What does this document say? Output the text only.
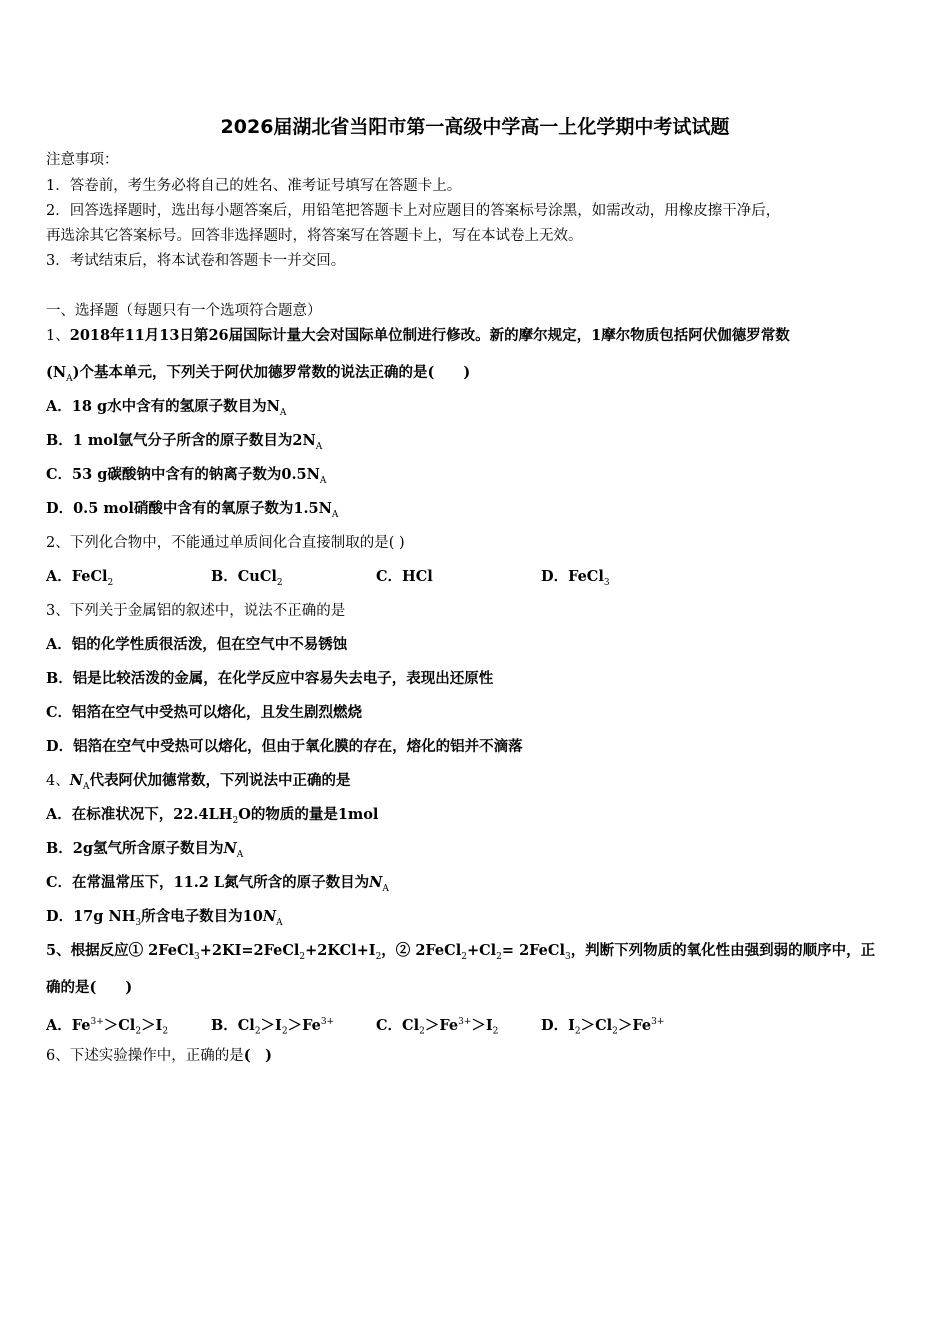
2026届湖北省当阳市第一高级中学高一上化学期中考试试题
注意事项：
1．答卷前，考生务必将自己的姓名、准考证号填写在答题卡上。
2．回答选择题时，选出每小题答案后，用铅笔把答题卡上对应题目的答案标号涂黑，如需改动，用橡皮擦干净后，
再选涂其它答案标号。回答非选择题时，将答案写在答题卡上，写在本试卷上无效。
3．考试结束后，将本试卷和答题卡一并交回。
一、选择题（每题只有一个选项符合题意）
1、2018年11月13日第26届国际计量大会对国际单位制进行修改。新的摩尔规定，1摩尔物质包括阿伏伽德罗常数
$(N_A)$个基本单元，下列关于阿伏加德罗常数的说法正确的是(　　)
A．18 g水中含有的氢原子数目为$N_A$
B．1 mol氩气分子所含的原子数目为$2N_A$
C．53 g碳酸钠中含有的钠离子数为$0.5N_A$
D．0.5 mol硝酸中含有的氧原子数为$1.5N_A$
2、下列化合物中，不能通过单质间化合直接制取的是( )
A．FeCl$_2$	B．CuCl$_2$	C．HCl	D．FeCl$_3$
3、下列关于金属铝的叙述中，说法不正确的是
A．铝的化学性质很活泼，但在空气中不易锈蚀
B．铝是比较活泼的金属，在化学反应中容易失去电子，表现出还原性
C．铝箔在空气中受热可以熔化，且发生剧烈燃烧
D．铝箔在空气中受热可以熔化，但由于氧化膜的存在，熔化的铝并不滴落
4、$N_A$代表阿伏加德常数，下列说法中正确的是
A．在标准状况下，$22.4LH_2O$的物质的量是1mol
B．2g氢气所含原子数目为$N_A$
C．在常温常压下，11.2 L氮气所含的原子数目为$N_A$
D．17g $NH_3$所含电子数目为$10N_A$
5、根据反应① $2FeCl_3+2KI=2FeCl_2+2KCl+I_2$，② $2FeCl_2+Cl_2=$ 2FeCl$_3$，判断下列物质的氧化性由强到弱的顺序中，正
确的是(　　)
A．$Fe^{3+}>Cl_2>I_2$	B．$Cl_2>I_2>Fe^{3+}$	C．$Cl_2>Fe^{3+}>I_2$	D．$I_2>Cl_2>Fe^{3+}$
6、下述实验操作中，正确的是(　)
